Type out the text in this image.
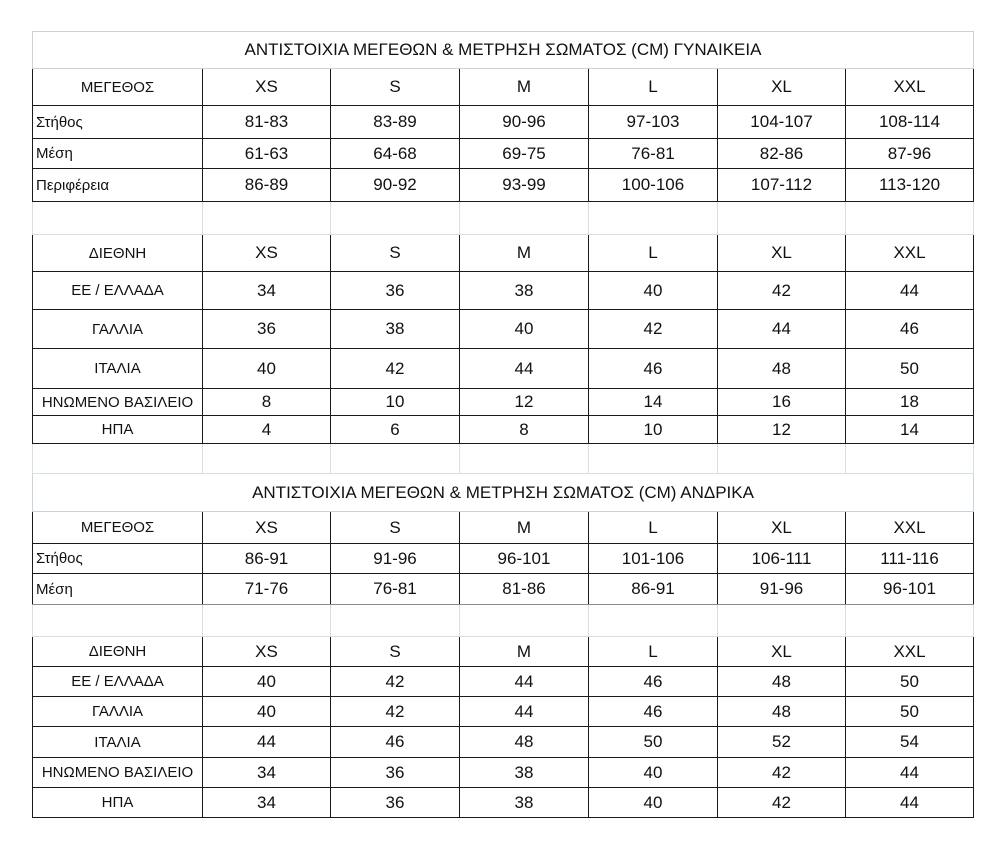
ΑΝΤΙΣΤΟΙΧΙΑ ΜΕΓΕΘΩΝ & ΜΕΤΡΗΣΗ ΣΩΜΑΤΟΣ (CM) ΓΥΝΑΙΚΕΙΑ						
ΜΕΓΕΘΟΣ	XS	S	M	L	XL	XXL
Στήθος	81-83	83-89	90-96	97-103	104-107	108-114
Μέση	61-63	64-68	69-75	76-81	82-86	87-96
Περιφέρεια	86-89	90-92	93-99	100-106	107-112	113-120

ΔΙΕΘΝΗ	XS	S	M	L	XL	XXL
ΕΕ / ΕΛΛΑΔΑ	34	36	38	40	42	44
ΓΑΛΛΙΑ	36	38	40	42	44	46
ΙΤΑΛΙΑ	40	42	44	46	48	50
ΗΝΩΜΕΝΟ ΒΑΣΙΛΕΙΟ	8	10	12	14	16	18
ΗΠΑ	4	6	8	10	12	14

ΑΝΤΙΣΤΟΙΧΙΑ ΜΕΓΕΘΩΝ & ΜΕΤΡΗΣΗ ΣΩΜΑΤΟΣ (CM) ΑΝΔΡΙΚΑ						
ΜΕΓΕΘΟΣ	XS	S	M	L	XL	XXL
Στήθος	86-91	91-96	96-101	101-106	106-111	111-116
Μέση	71-76	76-81	81-86	86-91	91-96	96-101

ΔΙΕΘΝΗ	XS	S	M	L	XL	XXL
ΕΕ / ΕΛΛΑΔΑ	40	42	44	46	48	50
ΓΑΛΛΙΑ	40	42	44	46	48	50
ΙΤΑΛΙΑ	44	46	48	50	52	54
ΗΝΩΜΕΝΟ ΒΑΣΙΛΕΙΟ	34	36	38	40	42	44
ΗΠΑ	34	36	38	40	42	44
